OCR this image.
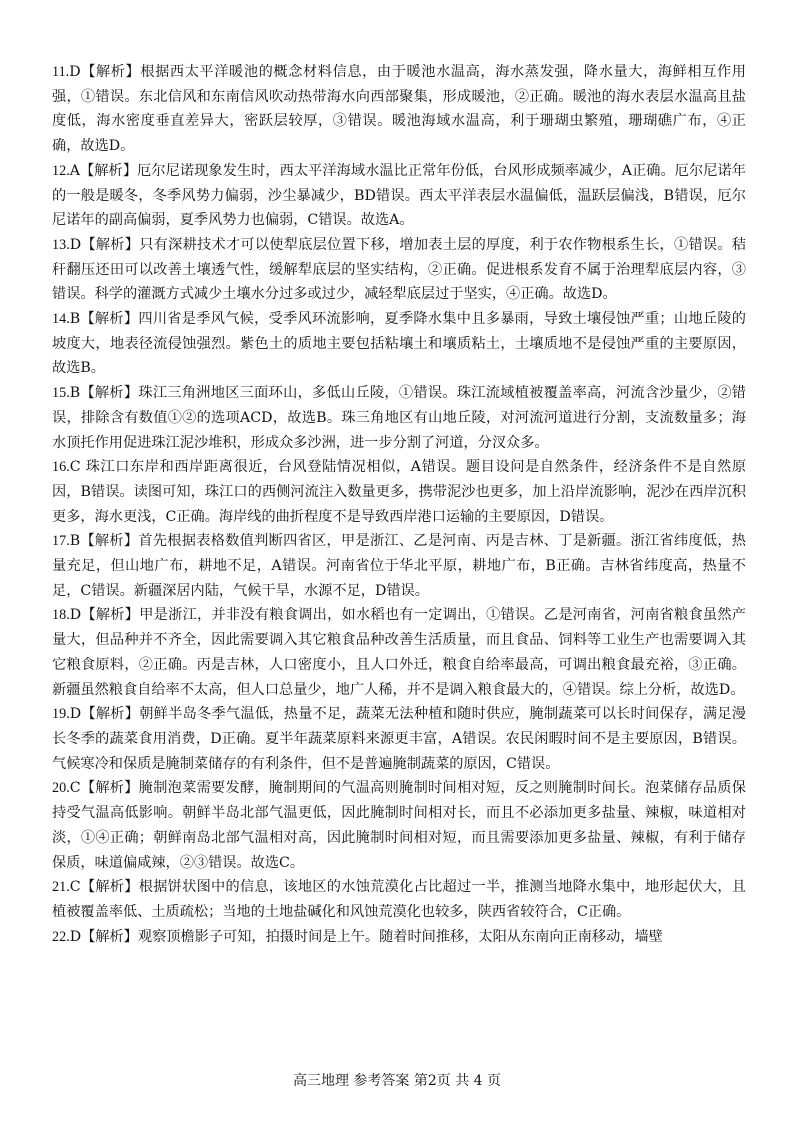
11.D【解析】根据西太平洋暖池的概念材料信息，由于暖池水温高，海水蒸发强，降水量大，海鲜相互作用强，①错误。东北信风和东南信风吹动热带海水向西部聚集，形成暖池，②正确。暖池的海水表层水温高且盐度低，海水密度垂直差异大，密跃层较厚，③错误。暖池海域水温高，利于珊瑚虫繁殖，珊瑚礁广布，④正确，故选D。

12.A【解析】厄尔尼诺现象发生时，西太平洋海域水温比正常年份低，台风形成频率减少，A正确。厄尔尼诺年的一般是暖冬，冬季风势力偏弱，沙尘暴减少，BD错误。西太平洋表层水温偏低，温跃层偏浅，B错误，厄尔尼诺年的副高偏弱，夏季风势力也偏弱，C错误。故选A。

13.D【解析】只有深耕技术才可以使犁底层位置下移，增加表土层的厚度，利于农作物根系生长，①错误。秸秆翻压还田可以改善土壤透气性，缓解犁底层的坚实结构，②正确。促进根系发育不属于治理犁底层内容，③错误。科学的灌溉方式减少土壤水分过多或过少，减轻犁底层过于坚实，④正确。故选D。

14.B【解析】四川省是季风气候，受季风环流影响，夏季降水集中且多暴雨，导致土壤侵蚀严重；山地丘陵的坡度大，地表径流侵蚀强烈。紫色土的质地主要包括粘壤土和壤质粘土，土壤质地不是侵蚀严重的主要原因，故选B。

15.B【解析】珠江三角洲地区三面环山，多低山丘陵，①错误。珠江流域植被覆盖率高，河流含沙量少，②错误，排除含有数值①②的选项ACD，故选B。珠三角地区有山地丘陵，对河流河道进行分割，支流数量多；海水顶托作用促进珠江泥沙堆积，形成众多沙洲，进一步分割了河道，分汊众多。

16.C 珠江口东岸和西岸距离很近，台风登陆情况相似，A错误。题目设问是自然条件，经济条件不是自然原因，B错误。读图可知，珠江口的西侧河流注入数量更多，携带泥沙也更多，加上沿岸流影响，泥沙在西岸沉积更多，海水更浅，C正确。海岸线的曲折程度不是导致西岸港口运输的主要原因，D错误。

17.B【解析】首先根据表格数值判断四省区，甲是浙江、乙是河南、丙是吉林、丁是新疆。浙江省纬度低，热量充足，但山地广布，耕地不足，A错误。河南省位于华北平原，耕地广布，B正确。吉林省纬度高，热量不足，C错误。新疆深居内陆，气候干旱，水源不足，D错误。

18.D【解析】甲是浙江，并非没有粮食调出，如水稻也有一定调出，①错误。乙是河南省，河南省粮食虽然产量大，但品种并不齐全，因此需要调入其它粮食品种改善生活质量，而且食品、饲料等工业生产也需要调入其它粮食原料，②正确。丙是吉林，人口密度小，且人口外迁，粮食自给率最高，可调出粮食最充裕，③正确。新疆虽然粮食自给率不太高，但人口总量少，地广人稀，并不是调入粮食最大的，④错误。综上分析，故选D。

19.D【解析】朝鲜半岛冬季气温低，热量不足，蔬菜无法种植和随时供应，腌制蔬菜可以长时间保存，满足漫长冬季的蔬菜食用消费，D正确。夏半年蔬菜原料来源更丰富，A错误。农民闲暇时间不是主要原因，B错误。气候寒冷和保质是腌制菜储存的有利条件，但不是普遍腌制蔬菜的原因，C错误。

20.C【解析】腌制泡菜需要发酵，腌制期间的气温高则腌制时间相对短，反之则腌制时间长。泡菜储存品质保持受气温高低影响。朝鲜半岛北部气温更低，因此腌制时间相对长，而且不必添加更多盐量、辣椒，味道相对淡，①④正确；朝鲜南岛北部气温相对高，因此腌制时间相对短，而且需要添加更多盐量、辣椒，有利于储存保质，味道偏咸辣，②③错误。故选C。

21.C【解析】根据饼状图中的信息，该地区的水蚀荒漠化占比超过一半，推测当地降水集中，地形起伏大，且植被覆盖率低、土质疏松；当地的土地盐碱化和风蚀荒漠化也较多，陕西省较符合，C正确。

22.D【解析】观察顶檐影子可知，拍摄时间是上午。随着时间推移，太阳从东南向正南移动，墙壁

高三地理 参考答案 第2页 共 4 页
